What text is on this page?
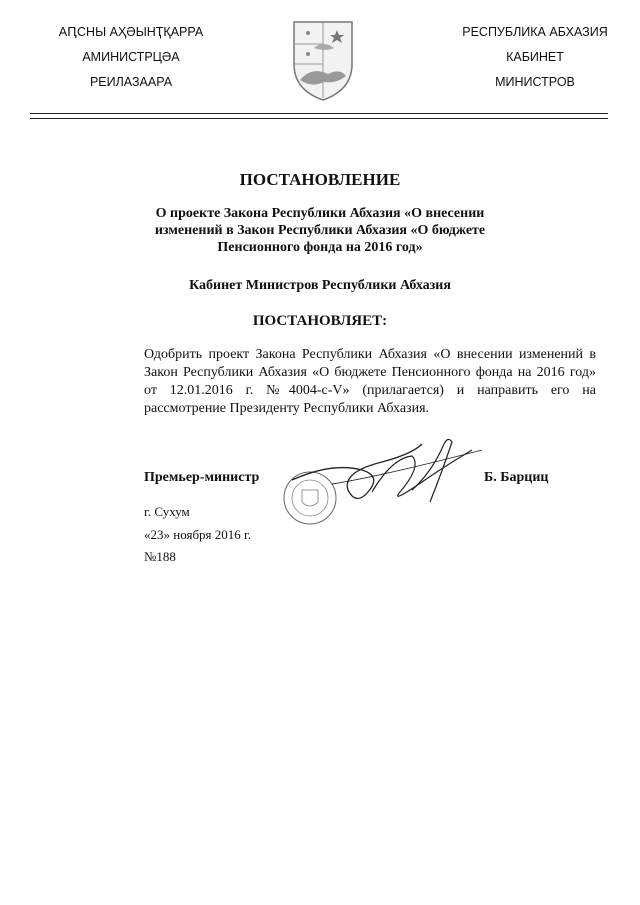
АԤСНЫ АҲӘЫНҬҚАРРА
АМИНИСТРЦӘА
РЕИЛАЗААРА
РЕСПУБЛИКА АБХАЗИЯ
КАБИНЕТ
МИНИСТРОВ
ПОСТАНОВЛЕНИЕ
О проекте Закона Республики Абхазия «О внесении
изменений в Закон Республики Абхазия «О бюджете
Пенсионного фонда на 2016 год»
Кабинет Министров Республики Абхазия
ПОСТАНОВЛЯЕТ:
Одобрить проект Закона Республики Абхазия «О внесении изменений в Закон Республики Абхазия «О бюджете Пенсионного фонда на 2016 год» от 12.01.2016 г. №4004-с-V» (прилагается) и направить его на рассмотрение Президенту Республики Абхазия.
Премьер-министр	Б. Барциц
г. Сухум
«23» ноября 2016 г.
№188
